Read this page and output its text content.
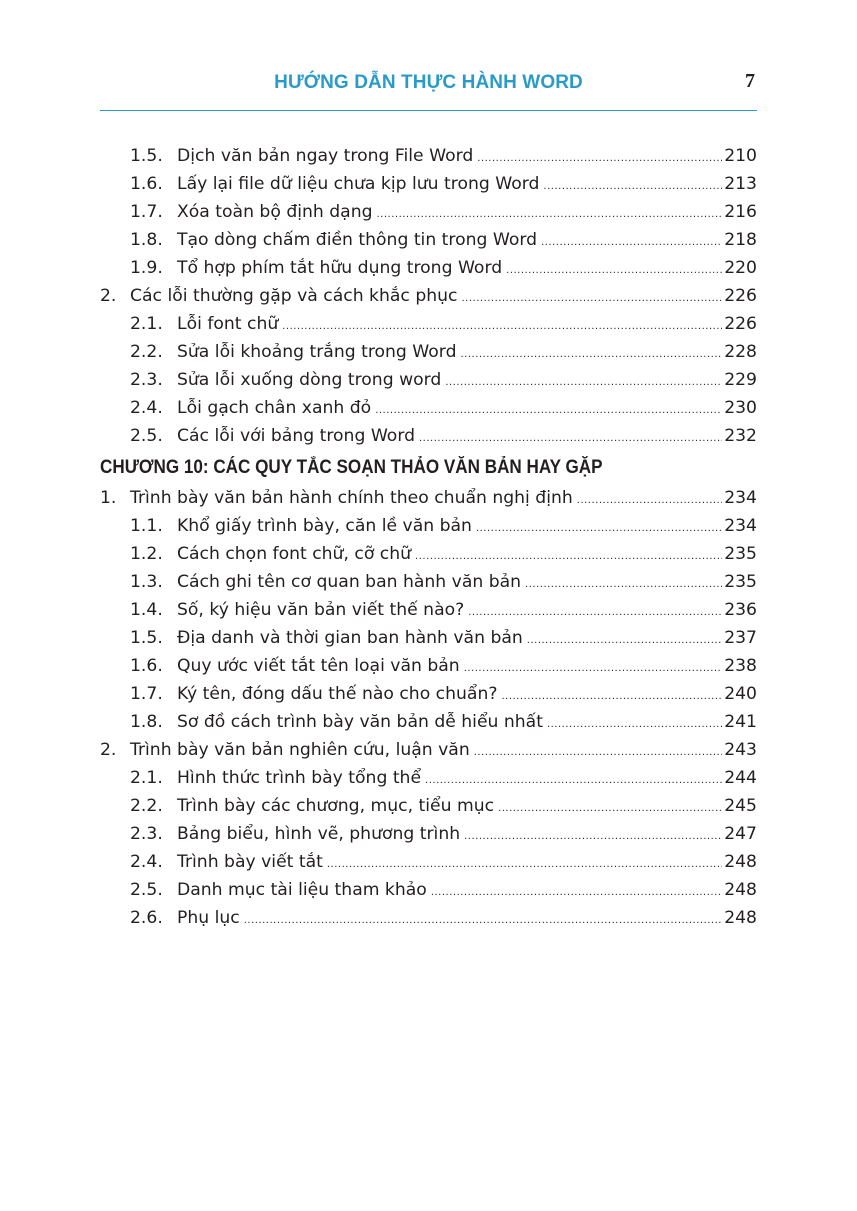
HƯỚNG DẪN THỰC HÀNH WORD	7
1.5. Dịch văn bản ngay trong File Word .....	210
1.6. Lấy lại file dữ liệu chưa kịp lưu trong Word .....	213
1.7. Xóa toàn bộ định dạng .....	216
1.8. Tạo dòng chấm điền thông tin trong Word .....	218
1.9. Tổ hợp phím tắt hữu dụng trong Word .....	220
2. Các lỗi thường gặp và cách khắc phục .....	226
2.1. Lỗi font chữ .....	226
2.2. Sửa lỗi khoảng trắng trong Word .....	228
2.3. Sửa lỗi xuống dòng trong word .....	229
2.4. Lỗi gạch chân xanh đỏ .....	230
2.5. Các lỗi với bảng trong Word .....	232
CHƯƠNG 10: CÁC QUY TẮC SOẠN THẢO VĂN BẢN HAY GẶP
1. Trình bày văn bản hành chính theo chuẩn nghị định .....	234
1.1. Khổ giấy trình bày, căn lề văn bản .....	234
1.2. Cách chọn font chữ, cỡ chữ .....	235
1.3. Cách ghi tên cơ quan ban hành văn bản .....	235
1.4. Số, ký hiệu văn bản viết thế nào? .....	236
1.5. Địa danh và thời gian ban hành văn bản .....	237
1.6. Quy ước viết tắt tên loại văn bản .....	238
1.7. Ký tên, đóng dấu thế nào cho chuẩn? .....	240
1.8. Sơ đồ cách trình bày văn bản dễ hiểu nhất .....	241
2. Trình bày văn bản nghiên cứu, luận văn .....	243
2.1. Hình thức trình bày tổng thể .....	244
2.2. Trình bày các chương, mục, tiểu mục .....	245
2.3. Bảng biểu, hình vẽ, phương trình .....	247
2.4. Trình bày viết tắt .....	248
2.5. Danh mục tài liệu tham khảo .....	248
2.6. Phụ lục .....	248
